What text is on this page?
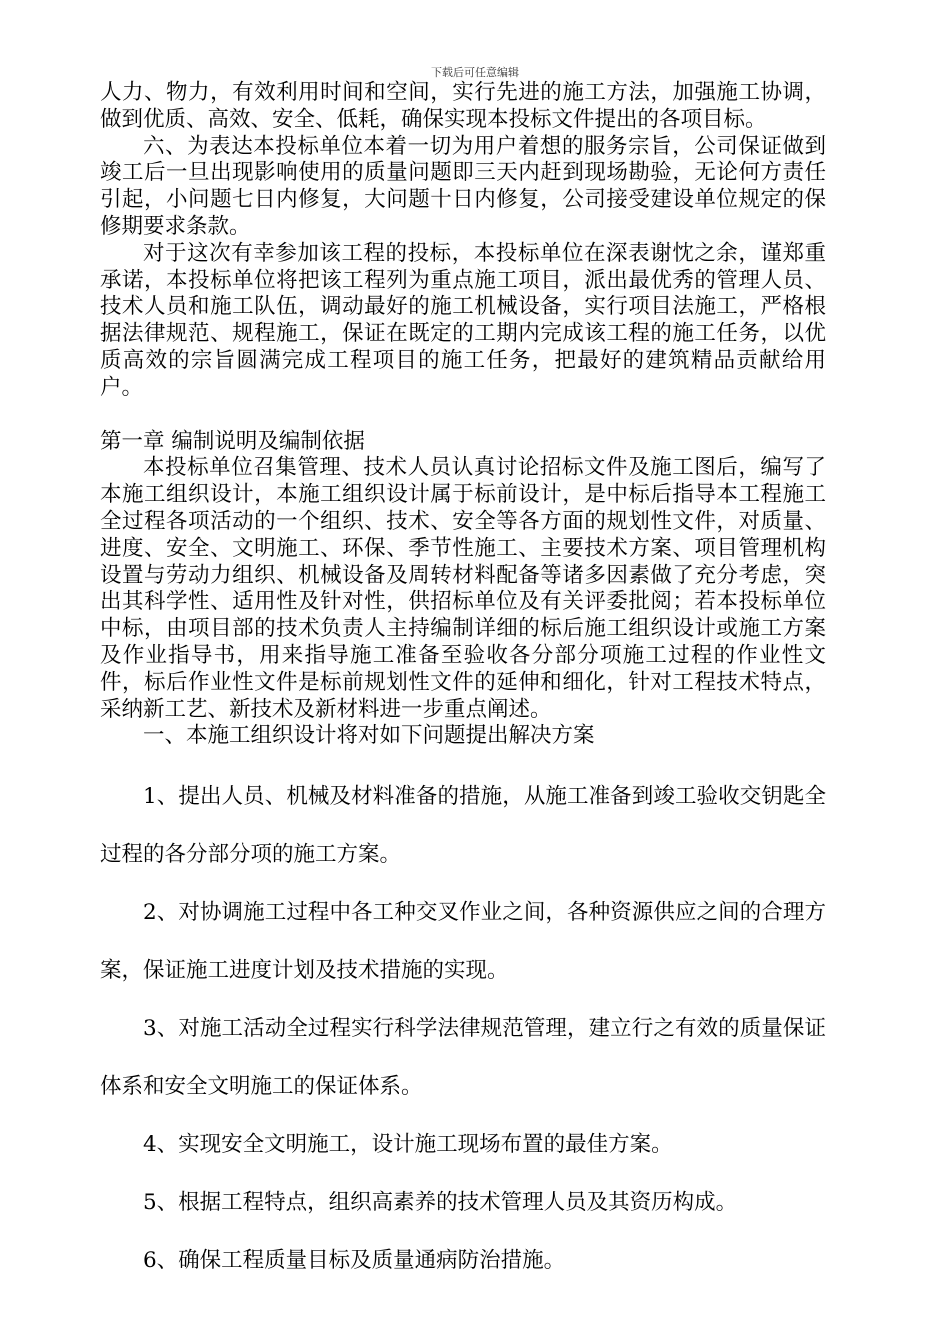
下载后可任意编辑

人力、物力，有效利用时间和空间，实行先进的施工方法，加强施工协调，做到优质、高效、安全、低耗，确保实现本投标文件提出的各项目标。

六、为表达本投标单位本着一切为用户着想的服务宗旨，公司保证做到竣工后一旦出现影响使用的质量问题即三天内赶到现场勘验，无论何方责任引起，小问题七日内修复，大问题十日内修复，公司接受建设单位规定的保修期要求条款。

对于这次有幸参加该工程的投标，本投标单位在深表谢忱之余，谨郑重承诺，本投标单位将把该工程列为重点施工项目，派出最优秀的管理人员、技术人员和施工队伍，调动最好的施工机械设备，实行项目法施工，严格根据法律规范、规程施工，保证在既定的工期内完成该工程的施工任务，以优质高效的宗旨圆满完成工程项目的施工任务，把最好的建筑精品贡献给用户。

第一章 编制说明及编制依据

本投标单位召集管理、技术人员认真讨论招标文件及施工图后，编写了本施工组织设计，本施工组织设计属于标前设计，是中标后指导本工程施工全过程各项活动的一个组织、技术、安全等各方面的规划性文件，对质量、进度、安全、文明施工、环保、季节性施工、主要技术方案、项目管理机构设置与劳动力组织、机械设备及周转材料配备等诸多因素做了充分考虑，突出其科学性、适用性及针对性，供招标单位及有关评委批阅；若本投标单位中标，由项目部的技术负责人主持编制详细的标后施工组织设计或施工方案及作业指导书，用来指导施工准备至验收各分部分项施工过程的作业性文件，标后作业性文件是标前规划性文件的延伸和细化，针对工程技术特点，采纳新工艺、新技术及新材料进一步重点阐述。

一、本施工组织设计将对如下问题提出解决方案

1、提出人员、机械及材料准备的措施，从施工准备到竣工验收交钥匙全过程的各分部分项的施工方案。

2、对协调施工过程中各工种交叉作业之间，各种资源供应之间的合理方案，保证施工进度计划及技术措施的实现。

3、对施工活动全过程实行科学法律规范管理，建立行之有效的质量保证体系和安全文明施工的保证体系。

4、实现安全文明施工，设计施工现场布置的最佳方案。

5、根据工程特点，组织高素养的技术管理人员及其资历构成。

6、确保工程质量目标及质量通病防治措施。
